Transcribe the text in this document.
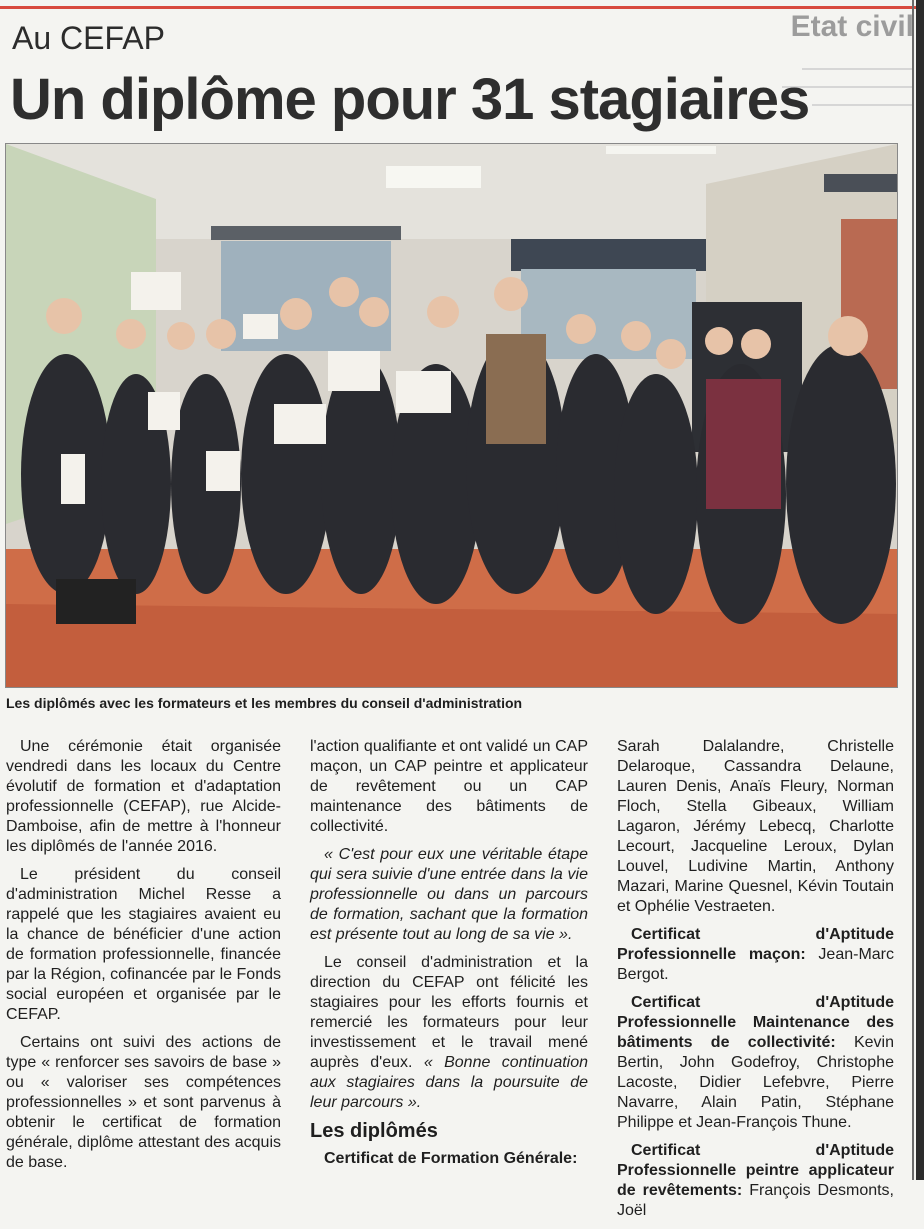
Etat civil
Au CEFAP
Un diplôme pour 31 stagiaires
Les diplômés avec les formateurs et les membres du conseil d'administration

Une cérémonie était organisée vendredi dans les locaux du Centre évolutif de formation et d'adaptation professionnelle (CEFAP), rue Alcide-Damboise, afin de mettre à l'honneur les diplômés de l'année 2016.

Le président du conseil d'administration Michel Resse a rappelé que les stagiaires avaient eu la chance de bénéficier d'une action de formation professionnelle, financée par la Région, cofinancée par le Fonds social européen et organisée par le CEFAP.

Certains ont suivi des actions de type « renforcer ses savoirs de base » ou « valoriser ses compétences professionnelles » et sont parvenus à obtenir le certificat de formation générale, diplôme attestant des acquis de base.

l'action qualifiante et ont validé un CAP maçon, un CAP peintre et applicateur de revêtement ou un CAP maintenance des bâtiments de collectivité.

« C'est pour eux une véritable étape qui sera suivie d'une entrée dans la vie professionnelle ou dans un parcours de formation, sachant que la formation est présente tout au long de sa vie ».

Le conseil d'administration et la direction du CEFAP ont félicité les stagiaires pour les efforts fournis et remercié les formateurs pour leur investissement et le travail mené auprès d'eux. « Bonne continuation aux stagiaires dans la poursuite de leur parcours ».

Les diplômés

Certificat de Formation Générale:

Sarah Dalalandre, Christelle Delaroque, Cassandra Delaune, Lauren Denis, Anaïs Fleury, Norman Floch, Stella Gibeaux, William Lagaron, Jérémy Lebecq, Charlotte Lecourt, Jacqueline Leroux, Dylan Louvel, Ludivine Martin, Anthony Mazari, Marine Quesnel, Kévin Toutain et Ophélie Vestraeten.

Certificat d'Aptitude Professionnelle maçon: Jean-Marc Bergot.

Certificat d'Aptitude Professionnelle Maintenance des bâtiments de collectivité: Kevin Bertin, John Godefroy, Christophe Lacoste, Didier Lefebvre, Pierre Navarre, Alain Patin, Stéphane Philippe et Jean-François Thune.

Certificat d'Aptitude Professionnelle peintre applicateur de revêtements: François Desmonts, Joël
